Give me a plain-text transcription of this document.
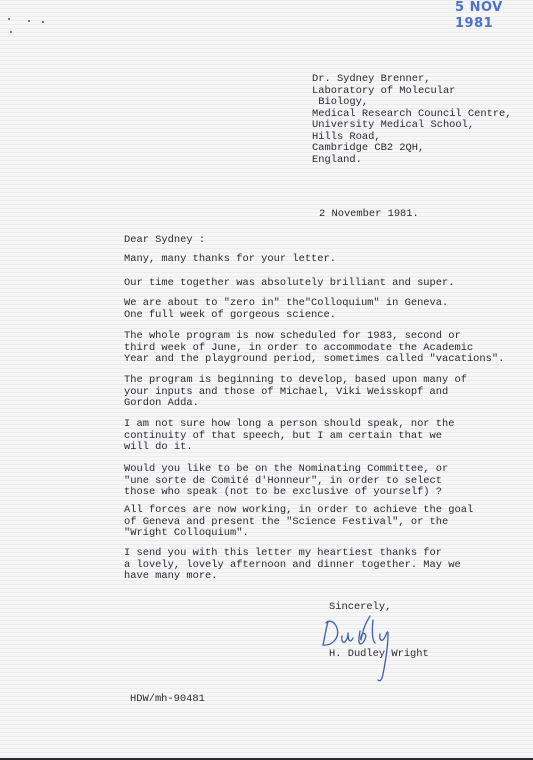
5 NOV 1981
Dr. Sydney Brenner,
Laboratory of Molecular
Biology,
Medical Research Council Centre,
University Medical School,
Hills Road,
Cambridge CB2 2QH,
England.
2 November 1981.
Dear Sydney :
Many, many thanks for your letter.
Our time together was absolutely brilliant and super.
We are about to "zero in" the"Colloquium" in Geneva.
One full week of gorgeous science.
The whole program is now scheduled for 1983, second or
third week of June, in order to accommodate the Academic
Year and the playground period, sometimes called "vacations".
The program is beginning to develop, based upon many of
your inputs and those of Michael, Viki Weisskopf and
Gordon Adda.
I am not sure how long a person should speak, nor the
continuity of that speech, but I am certain that we
will do it.
Would you like to be on the Nominating Committee, or
"une sorte de Comité d'Honneur", in order to select
those who speak (not to be exclusive of yourself) ?
All forces are now working, in order to achieve the goal
of Geneva and present the "Science Festival", or the
"Wright Colloquium".
I send you with this letter my heartiest thanks for
a lovely, lovely afternoon and dinner together. May we
have many more.
Sincerely,
H. Dudley Wright
HDW/mh-90481
